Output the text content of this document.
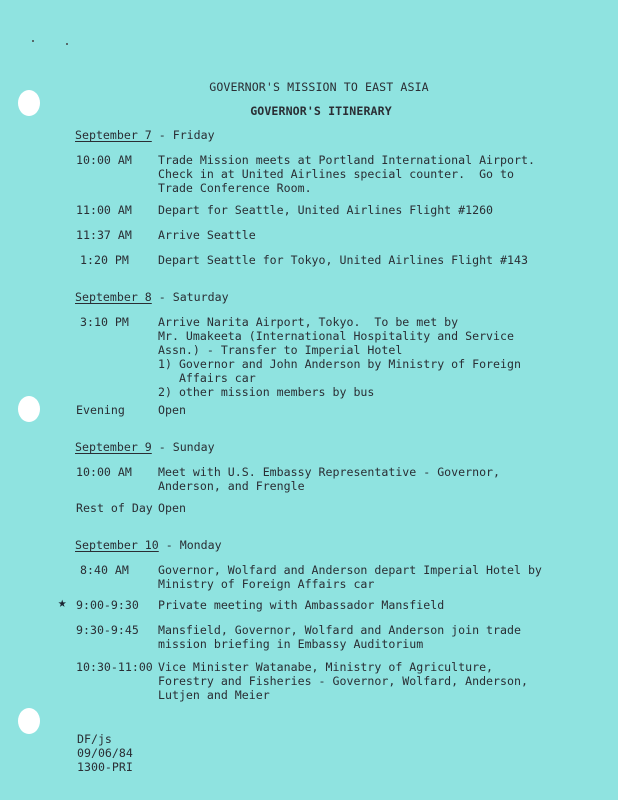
GOVERNOR'S MISSION TO EAST ASIA
GOVERNOR'S ITINERARY
September 7 - Friday
10:00 AM Trade Mission meets at Portland International Airport.
Check in at United Airlines special counter.  Go to
Trade Conference Room.
11:00 AM Depart for Seattle, United Airlines Flight #1260
11:37 AM Arrive Seattle
1:20 PM	Depart Seattle for Tokyo, United Airlines Flight #143
September 8 - Saturday
3:10 PM	Arrive Narita Airport, Tokyo.  To be met by
Mr. Umakeeta (International Hospitality and Service
Assn.) - Transfer to Imperial Hotel
1) Governor and John Anderson by Ministry of Foreign
Affairs car
2) other mission members by bus
Evening	Open
September 9 - Sunday
10:00 AM Meet with U.S. Embassy Representative - Governor,
Anderson, and Frengle
Rest of Day Open
September 10 - Monday
8:40 AM	Governor, Wolfard and Anderson depart Imperial Hotel by
Ministry of Foreign Affairs car
★ 9:00-9:30 Private meeting with Ambassador Mansfield
9:30-9:45 Mansfield, Governor, Wolfard and Anderson join trade
mission briefing in Embassy Auditorium
10:30-11:00 Vice Minister Watanabe, Ministry of Agriculture,
Forestry and Fisheries - Governor, Wolfard, Anderson,
Lutjen and Meier
DF/js
09/06/84
1300-PRI
